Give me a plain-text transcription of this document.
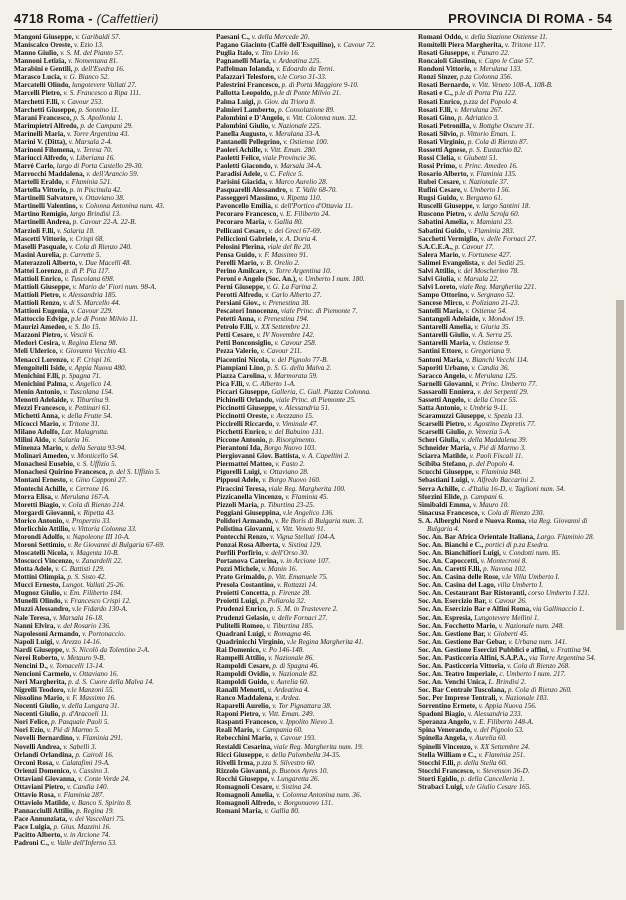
4718 Roma - (Caffettieri)	PROVINCIA DI ROMA - 54
Mangoni Giuseppe, v. Garibaldi 57.
Maniscalco Oreste, v. Ezio 13.
Manno Giulio, v. S. M. del Pianto 57.
Mannoni Letizia, v. Nomentana 81.
Marabini e Gentili, p. dell'Esedra 16.
Marasco Lucia, v. G. Bianco 52.
Marcatelli Olindo, lungotevere Vallati 27.
Marcelli Pietro, v. S. Francesco a Ripa 111.
Marchetti F.lli, v. Cavour 253.
Marchetti Giuseppe, p. Sonnino 11.
Marani Francesco, p. S. Apollonia 1.
Marimpietri Alfredo, p. de Campani 29.
Marinelli Maria, v. Torre Argentina 43.
Marini V. (Ditta), v. Marsala 2-4.
Marinoni Filomena, v. Teresa 70.
Mariucci Alfredo, v. Liberiana 16.
Marrè Carlo, largo di Porta Castello 29-30.
Marrocchi Maddalena, v. dell'Arancio 59.
Martelli Eraldo, v. Flaminia 521.
Martella Vittorio, p. in Piscinula 42.
Martinelli Salvatore, v. Ottaviano 38.
Martinelli Valentino, v. Colonna Antonina num. 43.
Martino Remigio, largo Brindisi 13.
Martinelli Andrea, p. Cavour 22-A. 22-B.
Marzioli F.lli, v. Salaria 18.
Mascetti Vittorio, v. Crispi 68.
Maselli Pasquale, v. Cola di Rienzo 240.
Masini Aurelia, p. Carrette 5.
Materazzoli Alberto, v. Due Macelli 48.
Mattei Lorenzo, p. di P. Pia 117.
Mattioli Enrico, v. Tuscolana 698.
Mattioli Giuseppe, v. Mario de' Fiori num. 98-A.
Mattioli Pietro, v. Alessandria 185.
Mattioli Renzo, v. di S. Marcello 44.
Mattioni Eugenia, v. Cavour 229.
Mattoccio Edvige, p.le di Ponte Milvio 11.
Maurizi Amedeo, v. S. Ilo 15.
Mazzoni Pietro, v. Vescii 6.
Medori Cesira, v. Regina Elena 98.
Meli Ulderico, v. Giovanni Vecchio 43.
Menacci Lorenzo, v. F. Crispi 16.
Mengoitelli Iside, v. Appia Nuova 480.
Menichini F.lli, p. Spagna 71.
Menichini Palma, v. Angelico 14.
Menin Antonio, v. Tuscolana 154.
Menotti Adelaide, v. Tiburtina 9.
Mezzi Francesco, v. Pettinari 61.
Michetti Anna, v. della Frutte 54.
Micocci Mario, v. Tritone 31.
Milano Adolfo, Lar. Malagrotta.
Milini Aldo, v. Salaria 16.
Minenza Mario, v. della Serata 93-94.
Molinari Amedeo, v. Monticello 54.
Monachesi Eusebio, v. S. Uffizio 5.
Monachesi Quirino Francesco, p. del S. Uffizio 5.
Montani Ernesto, v. Gino Capponi 27.
Montechi Achille, v. Cerrone 16.
Morra Elisa, v. Merulana 167-A.
Moretti Biagio, v. Cola di Rienzo 214.
Morgardi Giovanni, v. Ripetta 43.
Morico Antonio, v. Properzio 33.
Morlicchio Attilio, v. Vittoria Colonna 33.
Morondi Adolfo, v. Napoleone III 10-A.
Moroni Settimio, v. Re Giovanni di Bulgaria 67-69.
Moscatelli Nicola, v. Magenta 10-B.
Moscucci Vincenzo, v. Zanardelli 22.
Motta Adele, v. C. Battisti 129.
Mottini Olimpia, p. S. Sisto 42.
Mucci Ernesto, Lungot. Vallati 25-26.
Mugnoz Giulio, v. Em. Filiberto 184.
Munelli Olindo, v. Francesco Crispi 12.
Muzzi Alessandro, v.le Fidardo 130-A.
Nale Teresa, v. Marsala 16-18.
Nanni Elvira, v. del Rosario 136.
Napolesoni Armando, v. Portonaccio.
Napoli Luigi, v. Arezzo 14-16.
Nardi Giuseppe, v. S. Nicolò da Tolentino 2-A.
Nerei Roberto, v. Metauro 9-B.
Nencini D., v. Tomacelli 13-14.
Nencioni Carmelo, v. Ottaviano 16.
Neri Margherita, p. d. S. Cuore della Malva 14.
Nigrelli Teodoro, v.le Manzoni 55.
Nissolino Mario, v. F. Massimo 16.
Nocenti Giulio, v. della Lungara 31.
Nocenti Giulio, p. d'Aracoeli 11.
Nori Felice, p. Pasquale Paoli 5.
Nori Ezio, v. Pié di Marmo 5.
Novelli Bernardino, v. Flaminia 291.
Novelli Andrea, v. Sabelli 3.
Orlandi Orlandina, p. Cairoli 16.
Orconi Rosa, v. Calatafimi 19-A.
Orienzi Domenico, v. Cassino 3.
Ottaviani Giovanna, v. Conte Verde 24.
Ottaviani Pietro, v. Candia 140.
Ottavio Rosa, v. Flaminia 287.
Ottaviolo Matilde, v. Banco S. Spirito 8.
Pannacciulli Attilio, p. Regina 19.
Pace Annunziata, v. dei Vascellari 75.
Pace Luigia, p. Gius. Mazzini 16.
Pacitto Alberto, v. in Arcione 74.
Padroni C., v. Valle dell'Inferno 53.
Paesani C., v. della Mercede 20.
Pagano Giacinto (Caffè dell'Esquilino), v. Cavour 72.
Puglia Italo, v. Tito Livio 16.
Pagnanelli Maria, v. Ardeatina 225.
Paffelman Iolanda, v. Edoardo da Terni.
Palazzari Telesforo, v.le Corso 31-33.
Palestrini Francesco, p. di Porta Maggiore 9-10.
Pallotta Leopoldo, p.le di Ponte Milvio 21.
Palma Luigi, p. Giov. da Triora 8.
Palmieri Lamberto, p. Consolazione 89.
Palombini e D'Angelo, v. Vitt. Colonna num. 32.
Palombini Giulio, v. Nazionale 225.
Panella Augusto, v. Merulana 33-A.
Pantanelli Pellegrino, v. Ostiense 100.
Paoleri Achille, v. Vitt. Eman. 280.
Paoletti Felice, viale Provincie 36.
Paoletti Giacondo, v. Marsala 34-A.
Paradisi Adele, v. C. Felice 5.
Parisini Giacida, v. Marco Aurelio 28.
Pasquarelli Alessandro, v. T. Valle 68-70.
Passeggeri Massimo, v. Ripetta 110.
Pavoncello Emilia, v. dell'Portico d'Ottavia 11.
Pecoraro Francesco, v. E. Filiberto 24.
Pecoraro Maria, v. Gallia 80.
Pellicani Cesare, v. dei Greci 67-69.
Pelliccioni Gabriele, v. A. Doria 4.
Pelosini Plerina, viale del Re 20.
Pensa Guido, v. F. Massimo 91.
Perelli Mario, v. B. Orelio 2.
Perino Amilcare, v. Torre Argentina 10.
Peroni e Angelo (Soc. An.), v. Umberto I num. 180.
Perni Giuseppe, v. G. La Farina 2.
Perotti Alfredo, v. Carlo Alberto 27.
Persiani Giov., v. Prenestina 38.
Pescatori Innocenzo, viale Princ. di Piemonte 7.
Petetti Anna, v. Prenestina 194.
Petrolo F.lli, v. XX Settembre 21.
Petti Cesare, v. IV Novembre 142.
Petti Bonconsiglio, v. Cavour 258.
Pezza Valerio, v. Cavour 211.
Piacentini Nicola, v. del Pignolo 77-B.
Piampiani Lino, p. S. G. della Malva 2.
Piazza Carolina, v. Marmorata 59.
Pica F.lli, v. C. Alberto 1-A.
Piccari Giuseppe, Galleria, C. Gall. Piazza Colonna.
Pichinelli Orlando, viale Princ. di Piemonte 25.
Piccinotti Giuseppe, v. Alessandria 51.
Piccinotti Oreste, v. Avezzano 15.
Piccirelli Riccardo, v. Viminale 47.
Picchetti Enrico, v. del Babuino 131.
Piccone Antonio, p. Risorgimento.
Pierantoni Ida, Borgo Nuovo 103.
Piergiovanni Giov. Battista, v. A. Capellini 2.
Piermattei Matteo, v. Fasto 2.
Pigorelli Luigi, v. Ottaviano 28.
Pippoui Adele, v. Borgo Nuovo 160.
Piraccini Teresa, viale Reg. Margherita 100.
Pizzicanella Vincenzo, v. Flaminia 45.
Pizzoli Maria, p. Tiburtina 23-25.
Poggiani Giuseppina, v.le Angelico 136.
Polidori Armando, v. Re Boris di Bulgaria num. 3.
Polistina Giovanni, v. Vitt. Veneto 91.
Pontecchi Renzo, v. Vigna Stelluti 104-A.
Ponzai Rosa Alberta, v. Sistina 129.
Porfili Porfirio, v. dell'Orso 30.
Portanova Caterina, v. in Arcione 107.
Pozzi Michele, v. Manin 16.
Prato Grimaldo, p. Vitt. Emanuele 75.
Presola Costantino, v. Rottazzi 14.
Proietti Concetta, p. Firenze 28.
Proietti Luigi, p. Pollarola 32.
Prudenzi Enrico, p. S. M. in Trastevere 2.
Prudenzi Gelasio, v. delle Fornaci 27.
Pulitelli Romeo, v. Tiburtina 185.
Quadrani Luigi, v. Romagna 46.
Quadrinicchi Virginio, v.le Regina Margherita 41.
Rai Domenico, v. Po 146-148.
Rampelli Attilio, v. Nazionale 86.
Rampoldi Cesare, p. di Spagna 46.
Rampoldi Ovidio, v. Nazionale 82.
Rampoldi Guido, v. Aurelia 60.
Ranalli Menotti, v. Ardeatina 4.
Ranco Maddalena, v. Ardea.
Raparelli Aurelio, v. Tor Pignattara 38.
Raponi Pietro, v. Vitt. Eman. 249.
Raspanti Francesco, v. Ippolito Nievo 3.
Reali Mario, v. Campania 60.
Rebecchini Mario, v. Cavour 193.
Restaldi Cesarina, viale Reg. Margherita num. 19.
Ricci Giuseppe, v. della Palombella 34-35.
Rivelli Irma, p.zza S. Silvestro 60.
Rizzolo Giovanni, p. Buenos Ayres 10.
Rocchi Giuseppe, v. Lungaretta 26.
Romagnoli Cesare, v. Sistina 24.
Romagnoli Amelia, v. Colonna Antonina num. 36.
Romagnoli Alfredo, v. Borgonuovo 131.
Romani Maria, v. Gallia 80.
Romani Oddo, v. della Stazione Ostiense 11.
Romitelli Piera Margherita, v. Tritone 117.
Rosati Giuseppe, v. Panaro 22.
Roncaioli Giustino, v. Capo le Case 57.
Rondoni Vittorio, v. Merulana 133.
Ronzi Sinzer, p.za Colonna 356.
Rosati Bernardo, v. Vitt. Veneto 108-A, 108-B.
Rosati e C., p.le di Porta Pia 122.
Rosati Enrico, p.zza del Popolo 4.
Rosati F.lli, v. Merulana 267.
Rosati Gino, p. Adriatico 3.
Rosati Petronilla, v. Bottghe Oscure 31.
Rosati Silvio, p. Vittorio Eman. 1.
Rosati Virginio, p. Cola di Rienzo 87.
Rossetti Agnese, p. S. Eustachio 82.
Rossi Clelia, v. Giubetti 51.
Rossi Primo, v. Princ. Amedeo 16.
Rosario Alberto, v. Flaminia 135.
Rubei Cesare, v. Nazionale 37.
Rufini Cesare, v. Umberto I 56.
Rugsi Guido, v. Bergamo 61.
Ruscelli Giuseppe, v. largo Santini 18.
Ruscono Pietro, v. della Scrofa 60.
Sabatini Amelia, v. Mamiani 23.
Sabatini Guido, v. Flaminia 283.
Sacchetti Vermiglio, v. delle Fornaci 27.
S.A.C.E.A., p. Cavour 17.
Salera Mario, v. Fortunese 427.
Salimei Evangelista, v. dei Sediti 25.
Salvi Attilio, v. del Moscherino 78.
Salvi Giulia, v. Marsala 22.
Salvi Loreto, viale Reg. Margherita 221.
Sampo Ottorino, v. Sergnano 52.
Sancese Mirco, v. Poliziano 21-23.
Santelli Maria, v. Ostiense 54.
Santangeli Adelaide, v. Mondovi 19.
Santarelli Amelia, v. Giuria 35.
Santarelli Giulio, v. A. Serra 25.
Santarelli Maria, v. Ostiense 9.
Santini Ettore, v. Gregoriana 9.
Santoni Maria, v. Bianchi Vecchi 114.
Saporiti Urbano, v. Candia 36.
Saracco Angelo, v. Merulana 125.
Sarnelli Giovanni, v. Princ. Umberto 77.
Sassarolli Enniera, v. dei Serpenti 29.
Sassetti Angelo, v. della Croce 55.
Satta Antonio, v. Umbria 9-11.
Scaramuzzi Giuseppe, v. Spezia 13.
Scarselli Pietro, v. Agostino Depretis 77.
Scarselli Giulio, p. Venezia 5-A.
Scheri Giulia, v. della Maddalena 39.
Schneider Maria, v. Pié di Marmo 3.
Sciarra Matilde, v. Paoli Fiscali 11.
Scibiba Stefano, p. del Popolo 4.
Scucchi Giuseppe, v. Flaminia 848.
Sebastiani Luigi, v. Alfredo Baccarini 2.
Serra Achille, c. d'Italia 16-D, v. Taglioni num. 54.
Sforzini Elide, p. Campani 6.
Simibaldi Emma, v. Mauro 10.
Sinacusa Francesco, v. Cola di Rienzo 230.
S. A. Alberghi Nord e Nuova Roma, via Reg. Giovanni di Bulgaria 4.
Soc. An. Bar Africa Orientale Italiana, Largo. Flaminio 28.
Soc. An. Bianchi e C., portici di p.za Esedra.
Soc. An. Bianchifiori Luigi, v. Condotti num. 85.
Soc. An. Capoccetti, v. Montecroni 8.
Soc. An. Caretti F.lli, p. Navona 102.
Soc. An. Casina delle Rose, v.le Villa Umberto I.
Soc. An. Casina del Lago, villa Umberto I.
Soc. An. Cestaurant Bar Ristoranti, corso Umberto I 321.
Soc. An. Esercizio Bar, v. Cavour 26.
Soc. An. Esercizio Bar e Alfini Roma, via Gallinaccio 1.
Soc. An. Espresia, Lungotevere Mellini 1.
Soc. An. Focchetto Mario, v. Nazionale num. 248.
Soc. An. Gestione Bar, v. Gioberti 45.
Soc. An. Gestione Bar Gebar, v. Urbana num. 141.
Soc. An. Gestione Esercizi Pubblici e affini, v. Frattina 94.
Soc. An. Pasticceria Alfini, S.A.P.A., via Torre Argentina 54.
Soc. An. Pasticceria Vittoria, v. Cola di Rienzo 268.
Soc. An. Teatro Imperiale, c. Umberto I num. 217.
Soc. An. Venchi Unica, L. Brindisi 2.
Soc. Bar Centrale Tuscolana, p. Cola di Rienzo 260.
Soc. Per Imprese Tentrali, v. Nazionale 183.
Sorrentino Ermete, v. Appia Nuova 156.
Spadoni Biagio, v. Alessandria 233.
Speranza Angelo, v. E. Filiberto 148-A.
Spina Venerando, v. del Pignolo 53.
Spinella Angela, v. Aurelia 60.
Spinelli Vincenzo, v. XX Settembre 24.
Stella William e C., v. Flaminia 251.
Stocchi F.lli, p. della Stella 60.
Stocchi Francesco, v. Stevenson 36-D.
Storti Egidio, p. della Cancelleria 1.
Strabaci Luigi, v.le Giulio Cesare 165.
